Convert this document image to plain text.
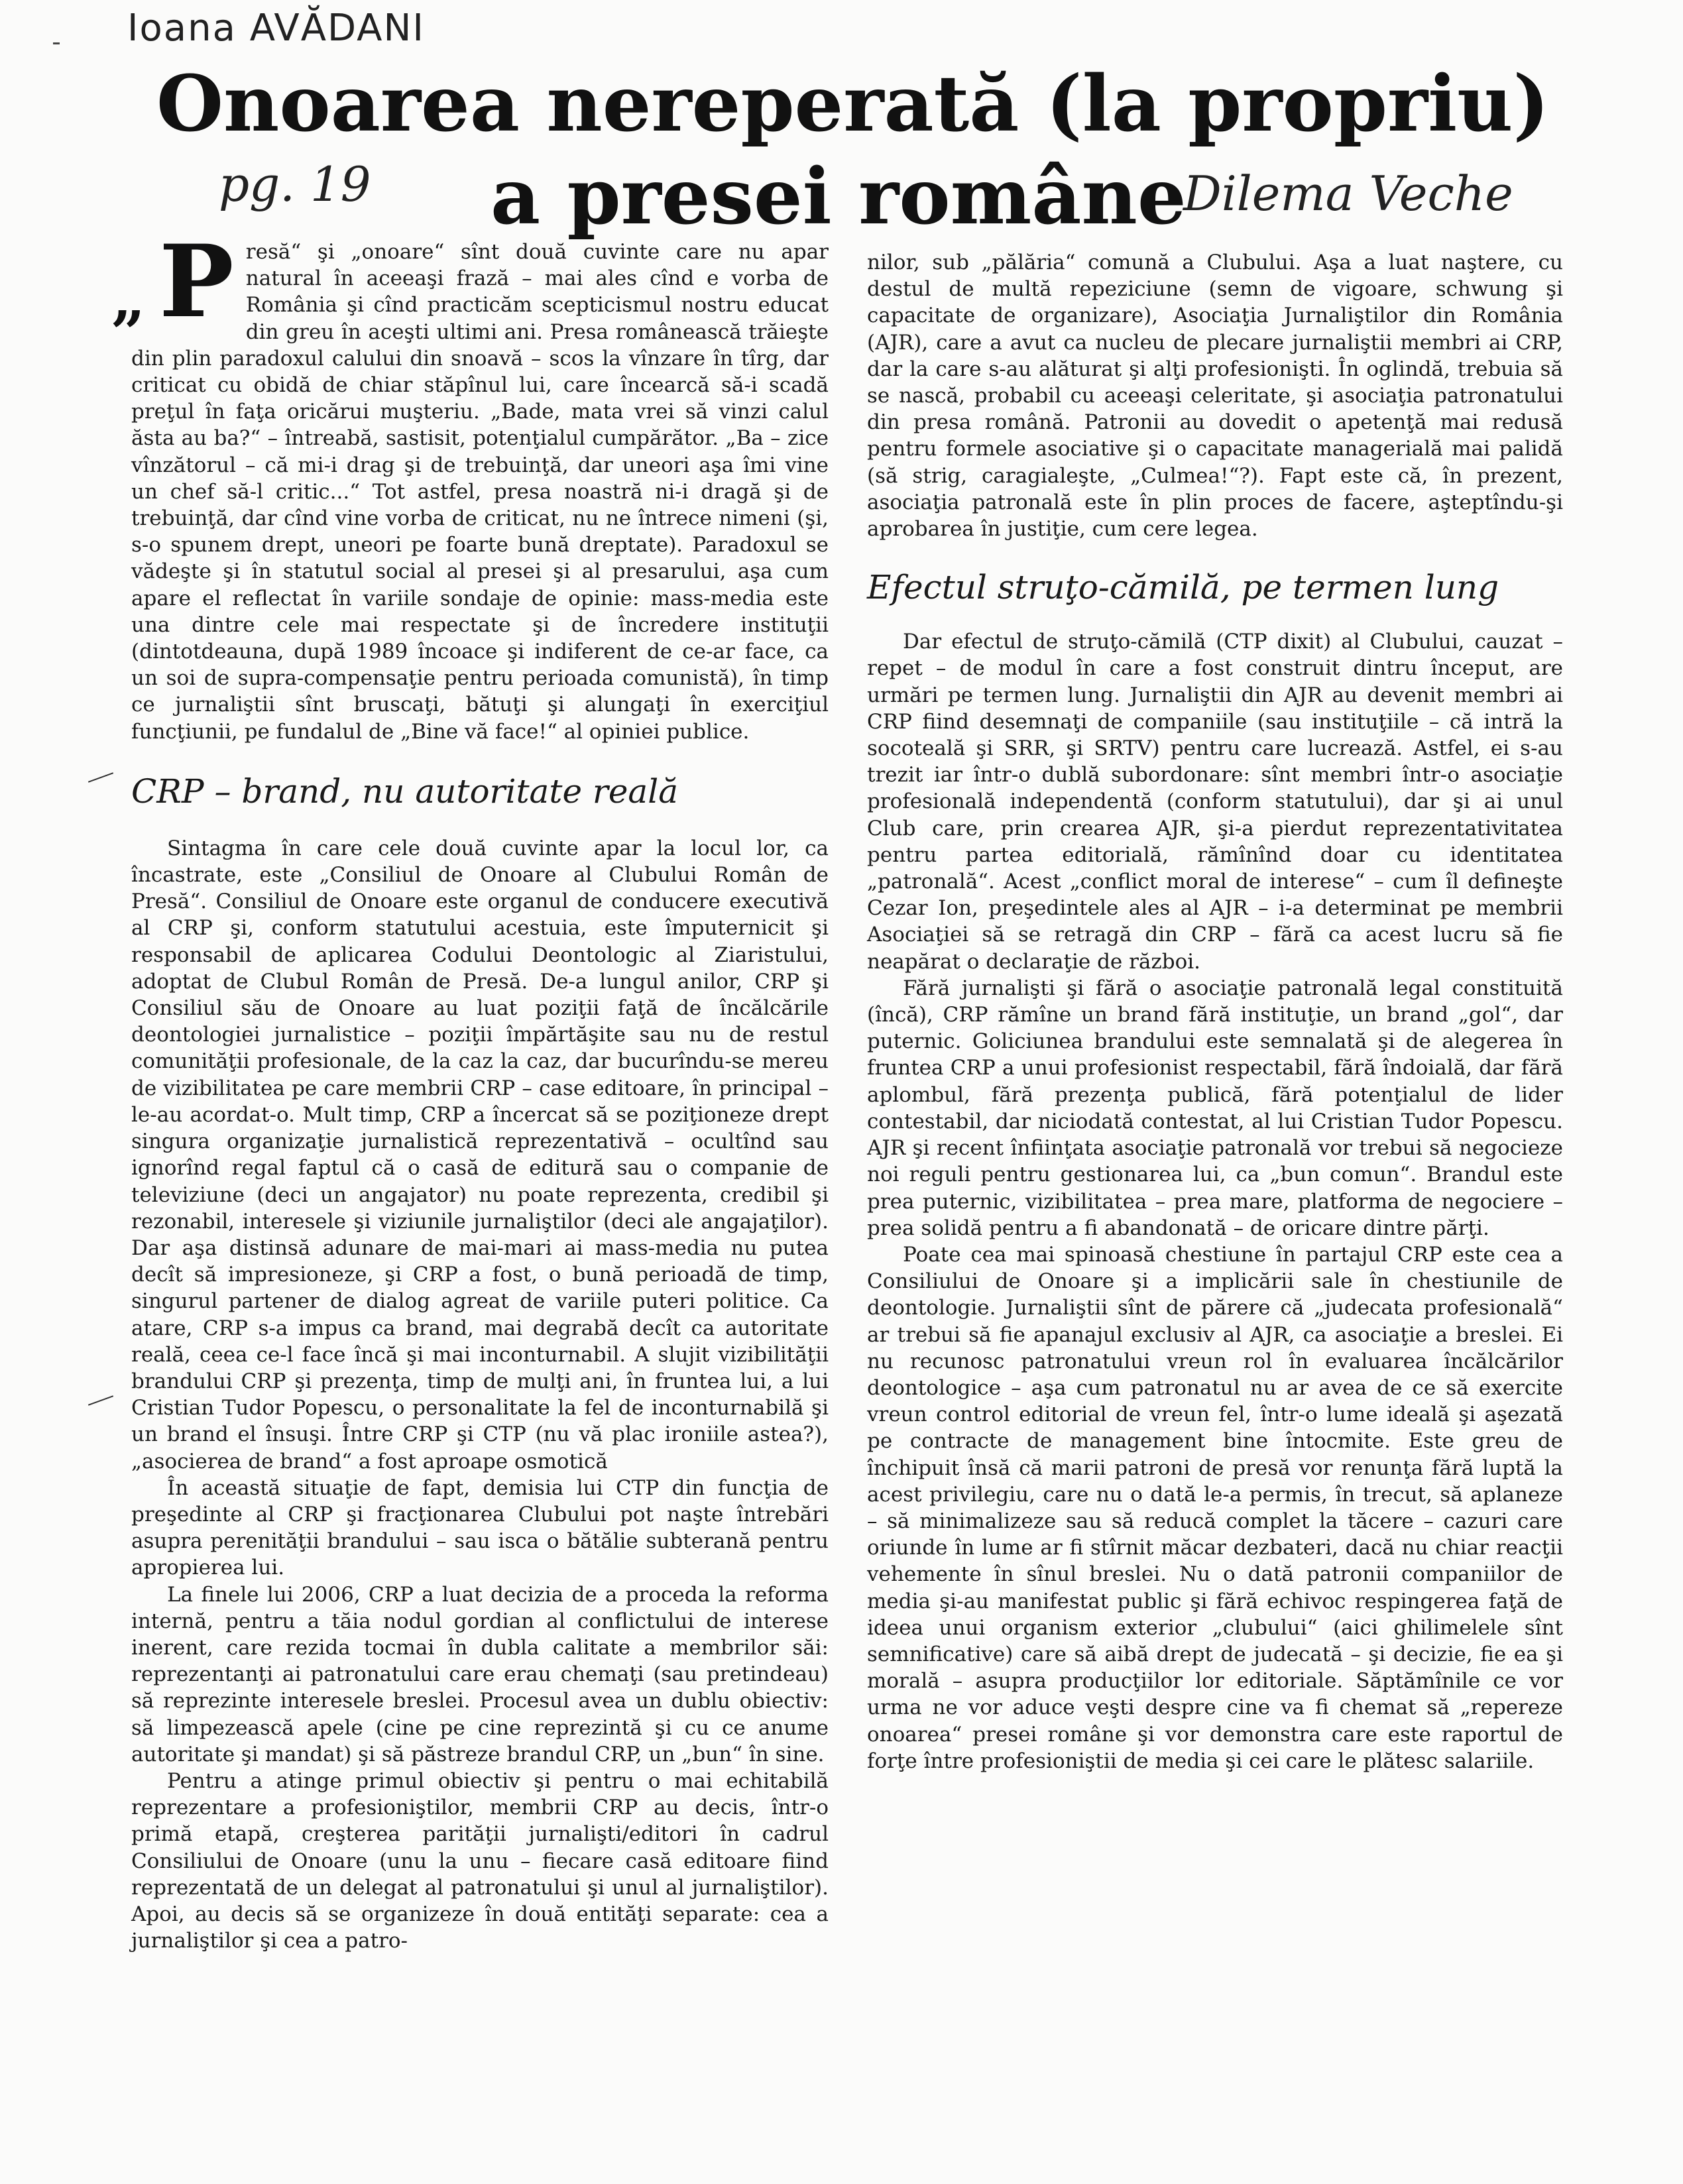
Ioana AVĂDANI
Onoarea nereperată (la propriu)
a presei române
pg. 19	Dilema Veche

„ P resă“ şi „onoare“ sînt două cuvinte care nu apar natural în aceeaşi frază – mai ales cînd e vorba de România şi cînd practicăm scepticismul nostru educat din greu în aceşti ultimi ani. Presa românească trăieşte din plin paradoxul calului din snoavă – scos la vînzare în tîrg, dar criticat cu obidă de chiar stăpînul lui, care încearcă să-i scadă preţul în faţa oricărui muşteriu. „Bade, mata vrei să vinzi calul ăsta au ba?“ – întreabă, sastisit, potenţialul cumpărător. „Ba – zice vînzătorul – că mi-i drag şi de trebuinţă, dar uneori aşa îmi vine un chef să-l critic...“ Tot astfel, presa noastră ni-i dragă şi de trebuinţă, dar cînd vine vorba de criticat, nu ne întrece nimeni (şi, s-o spunem drept, uneori pe foarte bună dreptate). Paradoxul se vădeşte şi în statutul social al presei şi al presarului, aşa cum apare el reflectat în variile sondaje de opinie: mass-media este una dintre cele mai respectate şi de încredere instituţii (dintotdeauna, după 1989 încoace şi indiferent de ce-ar face, ca un soi de supra-compensaţie pentru perioada comunistă), în timp ce jurnaliştii sînt bruscaţi, bătuţi şi alungaţi în exerciţiul funcţiunii, pe fundalul de „Bine vă face!“ al opiniei publice.

CRP – brand, nu autoritate reală

Sintagma în care cele două cuvinte apar la locul lor, ca încastrate, este „Consiliul de Onoare al Clubului Român de Presă“. Consiliul de Onoare este organul de conducere executivă al CRP şi, conform statutului acestuia, este împuternicit şi responsabil de aplicarea Codului Deontologic al Ziaristului, adoptat de Clubul Român de Presă. De-a lungul anilor, CRP şi Consiliul său de Onoare au luat poziţii faţă de încălcările deontologiei jurnalistice – poziţii împărtăşite sau nu de restul comunităţii profesionale, de la caz la caz, dar bucurîndu-se mereu de vizibilitatea pe care membrii CRP – case editoare, în principal – le-au acordat-o. Mult timp, CRP a încercat să se poziţioneze drept singura organizaţie jurnalistică reprezentativă – ocultînd sau ignorînd regal faptul că o casă de editură sau o companie de televiziune (deci un angajator) nu poate reprezenta, credibil şi rezonabil, interesele şi viziunile jurnaliştilor (deci ale angajaţilor). Dar aşa distinsă adunare de mai-mari ai mass-media nu putea decît să impresioneze, şi CRP a fost, o bună perioadă de timp, singurul partener de dialog agreat de variile puteri politice. Ca atare, CRP s-a impus ca brand, mai degrabă decît ca autoritate reală, ceea ce-l face încă şi mai inconturnabil. A slujit vizibilităţii brandului CRP şi prezenţa, timp de mulţi ani, în fruntea lui, a lui Cristian Tudor Popescu, o personalitate la fel de inconturnabilă şi un brand el însuşi. Între CRP şi CTP (nu vă plac ironiile astea?), „asocierea de brand“ a fost aproape osmotică

În această situaţie de fapt, demisia lui CTP din funcţia de preşedinte al CRP şi fracţionarea Clubului pot naşte întrebări asupra perenităţii brandului – sau isca o bătălie subterană pentru apropierea lui.

La finele lui 2006, CRP a luat decizia de a proceda la reforma internă, pentru a tăia nodul gordian al conflictului de interese inerent, care rezida tocmai în dubla calitate a membrilor săi: reprezentanţi ai patronatului care erau chemaţi (sau pretindeau) să reprezinte interesele breslei. Procesul avea un dublu obiectiv: să limpezească apele (cine pe cine reprezintă şi cu ce anume autoritate şi mandat) şi să păstreze brandul CRP, un „bun“ în sine.

Pentru a atinge primul obiectiv şi pentru o mai echitabilă reprezentare a profesioniştilor, membrii CRP au decis, într-o primă etapă, creşterea parităţii jurnalişti/editori în cadrul Consiliului de Onoare (unu la unu – fiecare casă editoare fiind reprezentată de un delegat al patronatului şi unul al jurnaliştilor). Apoi, au decis să se organizeze în două entităţi separate: cea a jurnaliştilor şi cea a patro-

nilor, sub „pălăria“ comună a Clubului. Aşa a luat naştere, cu destul de multă repeziciune (semn de vigoare, schwung şi capacitate de organizare), Asociaţia Jurnaliştilor din România (AJR), care a avut ca nucleu de plecare jurnaliştii membri ai CRP, dar la care s-au alăturat şi alţi profesionişti. În oglindă, trebuia să se nască, probabil cu aceeaşi celeritate, şi asociaţia patronatului din presa română. Patronii au dovedit o apetenţă mai redusă pentru formele asociative şi o capacitate managerială mai palidă (să strig, caragialeşte, „Culmea!“?). Fapt este că, în prezent, asociaţia patronală este în plin proces de facere, aşteptîndu-şi aprobarea în justiţie, cum cere legea.

Efectul struţo-cămilă, pe termen lung

Dar efectul de struţo-cămilă (CTP dixit) al Clubului, cauzat – repet – de modul în care a fost construit dintru început, are urmări pe termen lung. Jurnaliştii din AJR au devenit membri ai CRP fiind desemnaţi de companiile (sau instituţiile – că intră la socoteală şi SRR, şi SRTV) pentru care lucrează. Astfel, ei s-au trezit iar într-o dublă subordonare: sînt membri într-o asociaţie profesională independentă (conform statutului), dar şi ai unul Club care, prin crearea AJR, şi-a pierdut reprezentativitatea pentru partea editorială, rămînînd doar cu identitatea „patronală“. Acest „conflict moral de interese“ – cum îl defineşte Cezar Ion, preşedintele ales al AJR – i-a determinat pe membrii Asociaţiei să se retragă din CRP – fără ca acest lucru să fie neapărat o declaraţie de război.

Fără jurnalişti şi fără o asociaţie patronală legal constituită (încă), CRP rămîne un brand fără instituţie, un brand „gol“, dar puternic. Goliciunea brandului este semnalată şi de alegerea în fruntea CRP a unui profesionist respectabil, fără îndoială, dar fără aplombul, fără prezenţa publică, fără potenţialul de lider contestabil, dar niciodată contestat, al lui Cristian Tudor Popescu. AJR şi recent înfiinţata asociaţie patronală vor trebui să negocieze noi reguli pentru gestionarea lui, ca „bun comun“. Brandul este prea puternic, vizibilitatea – prea mare, platforma de negociere – prea solidă pentru a fi abandonată – de oricare dintre părţi.

Poate cea mai spinoasă chestiune în partajul CRP este cea a Consiliului de Onoare şi a implicării sale în chestiunile de deontologie. Jurnaliştii sînt de părere că „judecata profesională“ ar trebui să fie apanajul exclusiv al AJR, ca asociaţie a breslei. Ei nu recunosc patronatului vreun rol în evaluarea încălcărilor deontologice – aşa cum patronatul nu ar avea de ce să exercite vreun control editorial de vreun fel, într-o lume ideală şi aşezată pe contracte de management bine întocmite. Este greu de închipuit însă că marii patroni de presă vor renunţa fără luptă la acest privilegiu, care nu o dată le-a permis, în trecut, să aplaneze – să minimalizeze sau să reducă complet la tăcere – cazuri care oriunde în lume ar fi stîrnit măcar dezbateri, dacă nu chiar reacţii vehemente în sînul breslei. Nu o dată patronii companiilor de media şi-au manifestat public şi fără echivoc respingerea faţă de ideea unui organism exterior „clubului“ (aici ghilimelele sînt semnificative) care să aibă drept de judecată – şi decizie, fie ea şi morală – asupra producţiilor lor editoriale. Săptămînile ce vor urma ne vor aduce veşti despre cine va fi chemat să „repereze onoarea“ presei române şi vor demonstra care este raportul de forţe între profesioniştii de media şi cei care le plătesc salariile.
